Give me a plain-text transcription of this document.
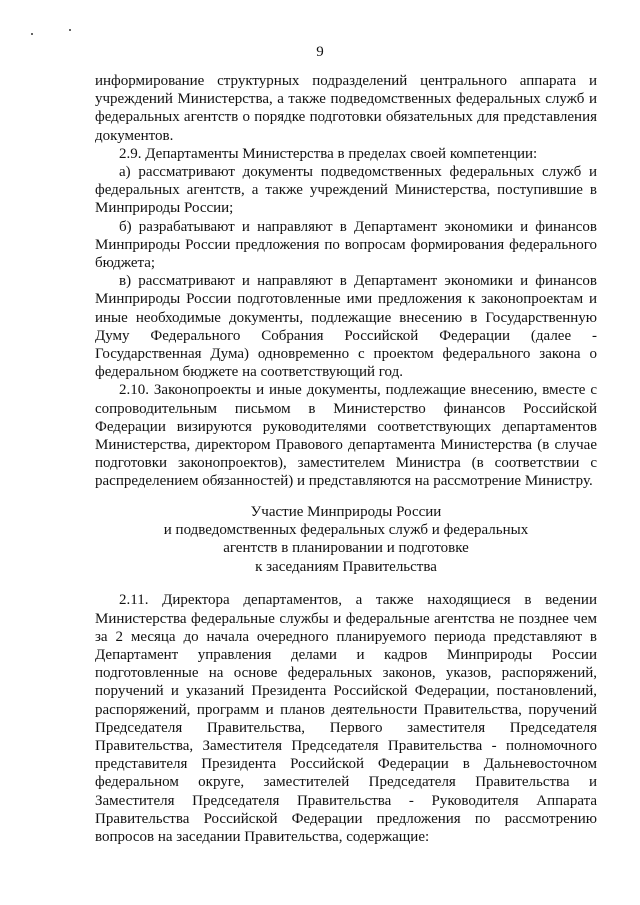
9

информирование структурных подразделений центрального аппарата и учреждений Министерства, а также подведомственных федеральных служб и федеральных агентств о порядке подготовки обязательных для представления документов.

2.9. Департаменты Министерства в пределах своей компетенции:

а) рассматривают документы подведомственных федеральных служб и федеральных агентств, а также учреждений Министерства, поступившие в Минприроды России;

б) разрабатывают и направляют в Департамент экономики и финансов Минприроды России предложения по вопросам формирования федерального бюджета;

в) рассматривают и направляют в Департамент экономики и финансов Минприроды России подготовленные ими предложения к законопроектам и иные необходимые документы, подлежащие внесению в Государственную Думу Федерального Собрания Российской Федерации (далее - Государственная Дума) одновременно с проектом федерального закона о федеральном бюджете на соответствующий год.

2.10. Законопроекты и иные документы, подлежащие внесению, вместе с сопроводительным письмом в Министерство финансов Российской Федерации визируются руководителями соответствующих департаментов Министерства, директором Правового департамента Министерства (в случае подготовки законопроектов), заместителем Министра (в соответствии с распределением обязанностей) и представляются на рассмотрение Министру.

Участие Минприроды России
и подведомственных федеральных служб и федеральных
агентств в планировании и подготовке
к заседаниям Правительства

2.11. Директора департаментов, а также находящиеся в ведении Министерства федеральные службы и федеральные агентства не позднее чем за 2 месяца до начала очередного планируемого периода представляют в Департамент управления делами и кадров Минприроды России подготовленные на основе федеральных законов, указов, распоряжений, поручений и указаний Президента Российской Федерации, постановлений, распоряжений, программ и планов деятельности Правительства, поручений Председателя Правительства, Первого заместителя Председателя Правительства, Заместителя Председателя Правительства - полномочного представителя Президента Российской Федерации в Дальневосточном федеральном округе, заместителей Председателя Правительства и Заместителя Председателя Правительства - Руководителя Аппарата Правительства Российской Федерации предложения по рассмотрению вопросов на заседании Правительства, содержащие:
